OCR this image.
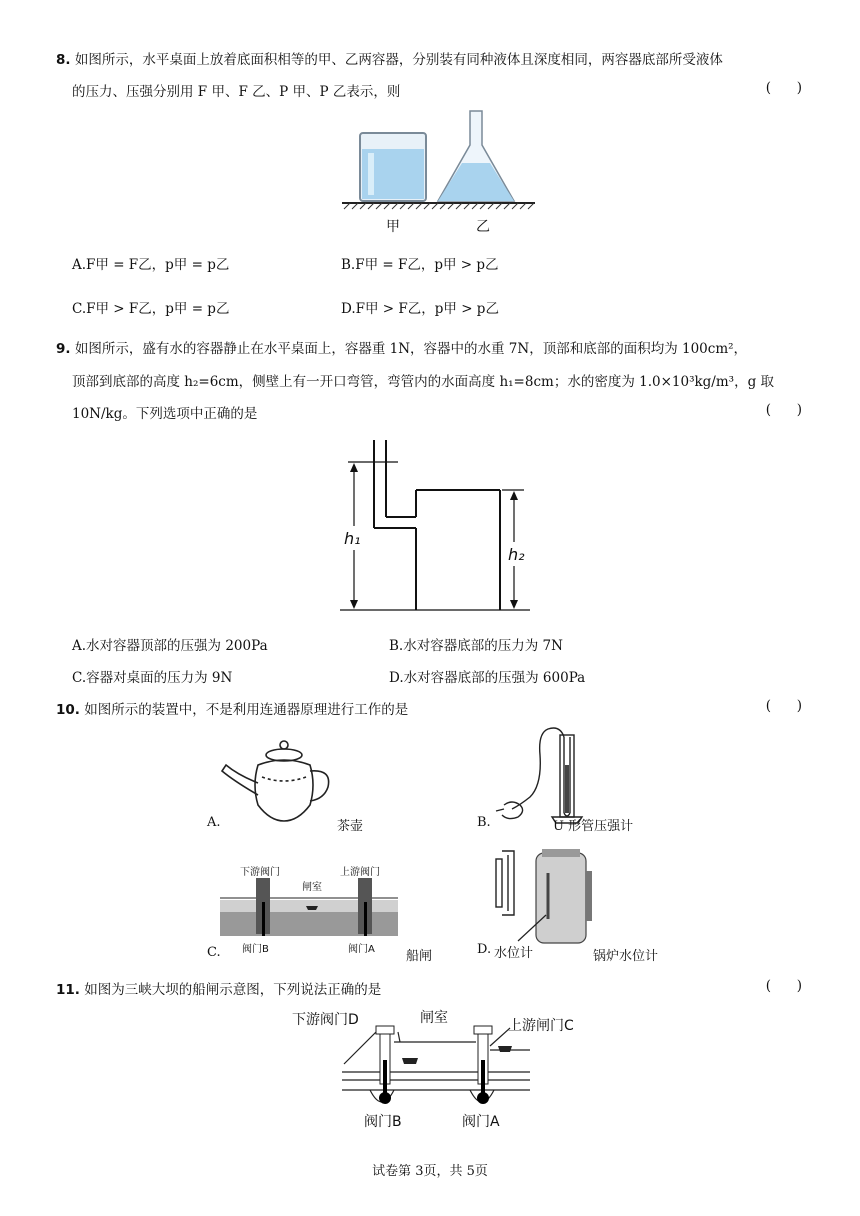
8. 如图所示，水平桌面上放着底面积相等的甲、乙两容器，分别装有同种液体且深度相同，两容器底部所受液体
的压力、压强分别用 F 甲、F 乙、P 甲、P 乙表示，则	(      )
甲	乙
A.F甲 = F乙，p甲 = p乙	B.F甲 = F乙，p甲 > p乙
C.F甲 > F乙，p甲 = p乙	D.F甲 > F乙，p甲 > p乙
9. 如图所示，盛有水的容器静止在水平桌面上，容器重 1N，容器中的水重 7N，顶部和底部的面积均为 100cm²，
顶部到底部的高度 h₂=6cm，侧壁上有一开口弯管，弯管内的水面高度 h₁=8cm；水的密度为 1.0×10³kg/m³，g 取
10N/kg。下列选项中正确的是	(      )
h₁
h₂
A.水对容器顶部的压强为 200Pa	B.水对容器底部的压力为 7N
C.容器对桌面的压力为 9N	D.水对容器底部的压强为 600Pa
10. 如图所示的装置中，不是利用连通器原理进行工作的是	(      )
A.	茶壶	B.	U 形管压强计
下游阀门	上游阀门
闸室
阀门B	阀门A
C.	船闸	D. 水位计	锅炉水位计
11. 如图为三峡大坝的船闸示意图，下列说法正确的是	(      )
下游阀门D	闸室	上游闸门C
阀门B	阀门A
试卷第 3页，共 5页
